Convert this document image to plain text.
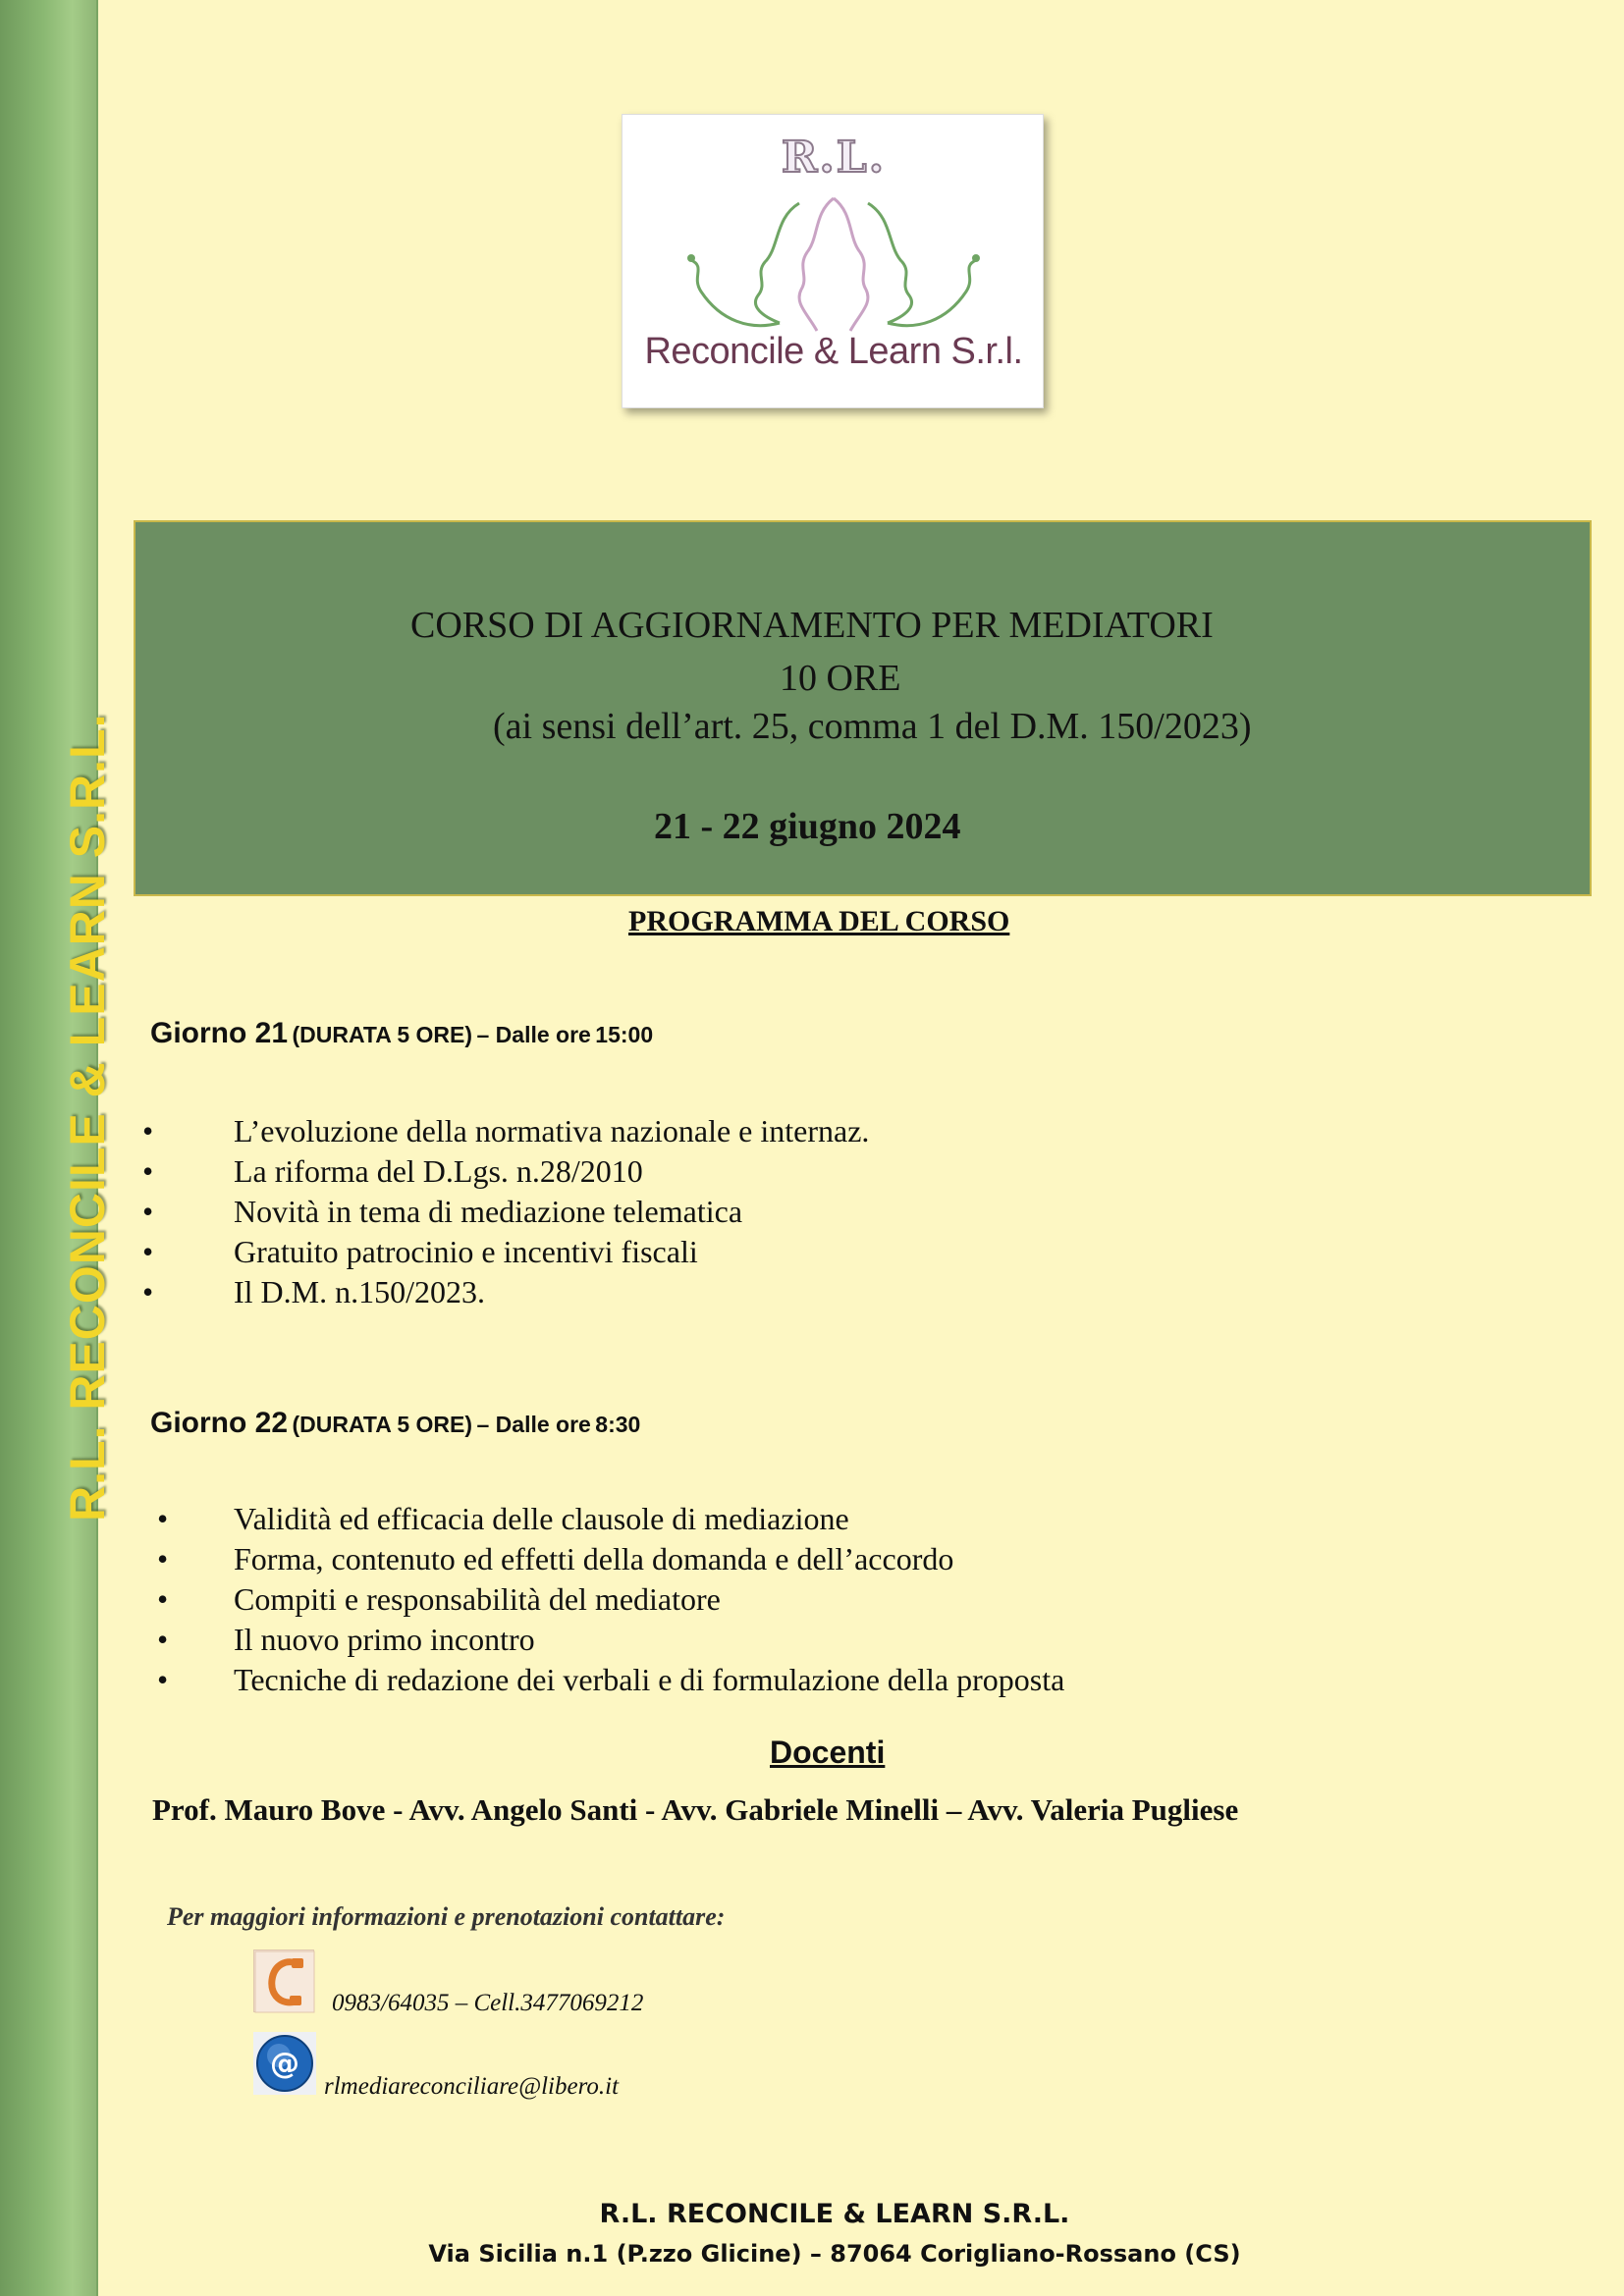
R.L. RECONCILE & LEARN S.R.L.
R.L.
Reconcile & Learn S.r.l.
CORSO DI AGGIORNAMENTO PER MEDIATORI
10 ORE
(ai sensi dell’art. 25, comma 1 del D.M. 150/2023)
21 - 22 giugno 2024
PROGRAMMA DEL CORSO
Giorno 21 (DURATA 5 ORE) – Dalle ore 15:00
•	L’evoluzione della normativa nazionale e internaz.
•	La riforma del D.Lgs. n.28/2010
•	Novità in tema di mediazione telematica
•	Gratuito patrocinio e incentivi fiscali
•	Il D.M. n.150/2023.
Giorno 22 (DURATA 5 ORE) – Dalle ore 8:30
• Validità ed efficacia delle clausole di mediazione
• Forma, contenuto ed effetti della domanda e dell’accordo
• Compiti e responsabilità del mediatore
• Il nuovo primo incontro
• Tecniche di redazione dei verbali e di formulazione della proposta
Docenti
Prof. Mauro Bove - Avv. Angelo Santi - Avv. Gabriele Minelli – Avv. Valeria Pugliese
Per maggiori informazioni e prenotazioni contattare:
0983/64035 – Cell.3477069212
@
rlmediareconciliare@libero.it
R.L. RECONCILE & LEARN S.R.L.
Via Sicilia n.1 (P.zzo Glicine) – 87064 Corigliano-Rossano (CS)
